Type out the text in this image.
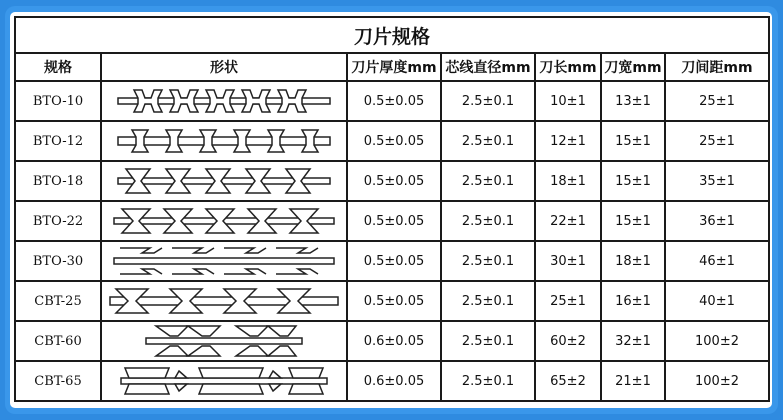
刀片规格						
规格	形状	刀片厚度mm	芯线直径mm	刀长mm	刀宽mm	刀间距mm
BTO-10		0.5±0.05	2.5±0.1	10±1	13±1	25±1
BTO-12		0.5±0.05	2.5±0.1	12±1	15±1	25±1
BTO-18		0.5±0.05	2.5±0.1	18±1	15±1	35±1
BTO-22		0.5±0.05	2.5±0.1	22±1	15±1	36±1
BTO-30		0.5±0.05	2.5±0.1	30±1	18±1	46±1
CBT-25		0.5±0.05	2.5±0.1	25±1	16±1	40±1
CBT-60		0.6±0.05	2.5±0.1	60±2	32±1	100±2
CBT-65		0.6±0.05	2.5±0.1	65±2	21±1	100±2
